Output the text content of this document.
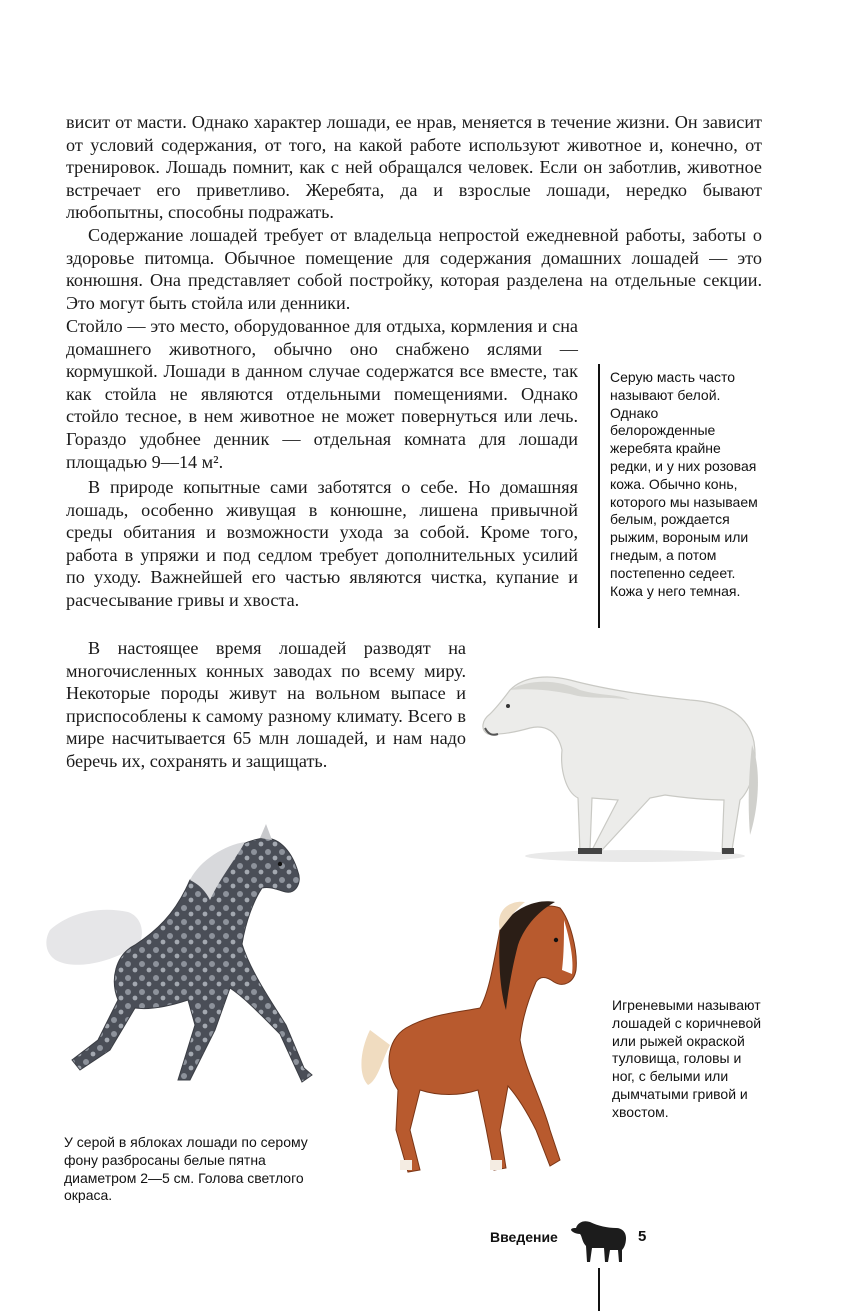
висит от масти. Однако характер лошади, ее нрав, меняется в течение жизни. Он зависит от условий содержания, от того, на какой работе используют животное и, конечно, от тренировок. Лошадь помнит, как с ней обращался человек. Если он заботлив, животное встречает его приветливо. Жеребята, да и взрослые лошади, нередко бывают любопытны, способны подражать.

Содержание лошадей требует от владельца непростой ежедневной работы, заботы о здоровье питомца. Обычное помещение для содержания домашних лошадей — это конюшня. Она представляет собой постройку, которая разделена на отдельные секции. Это могут быть стойла или денники.

Стойло — это место, оборудованное для отдыха, кормления и сна домашнего животного, обычно оно снабжено яслями — кормушкой. Лошади в данном случае содержатся все вместе, так как стойла не являются отдельными помещениями. Однако стойло тесное, в нем животное не может повернуться или лечь. Гораздо удобнее денник — отдельная комната для лошади площадью 9—14 м².

В природе копытные сами заботятся о себе. Но домашняя лошадь, особенно живущая в конюшне, лишена привычной среды обитания и возможности ухода за собой. Кроме того, работа в упряжи и под седлом требует дополнительных усилий по уходу. Важнейшей его частью являются чистка, купание и расчесывание гривы и хвоста.

В настоящее время лошадей разводят на многочисленных конных заводах по всему миру. Некоторые породы живут на вольном выпасе и приспособлены к самому разному климату. Всего в мире насчитывается 65 млн лошадей, и нам надо беречь их, сохранять и защищать.

Серую масть часто называют белой. Однако белорожденные жеребята крайне редки, и у них розовая кожа. Обычно конь, которого мы называем белым, рождается рыжим, вороным или гнедым, а потом постепенно седеет. Кожа у него темная.

У серой в яблоках лошади по серому фону разбросаны белые пятна диаметром 2—5 см. Голова светлого окраса.

Игреневыми называют лошадей с коричневой или рыжей окраской туловища, головы и ног, с белыми или дымчатыми гривой и хвостом.

Введение	5
